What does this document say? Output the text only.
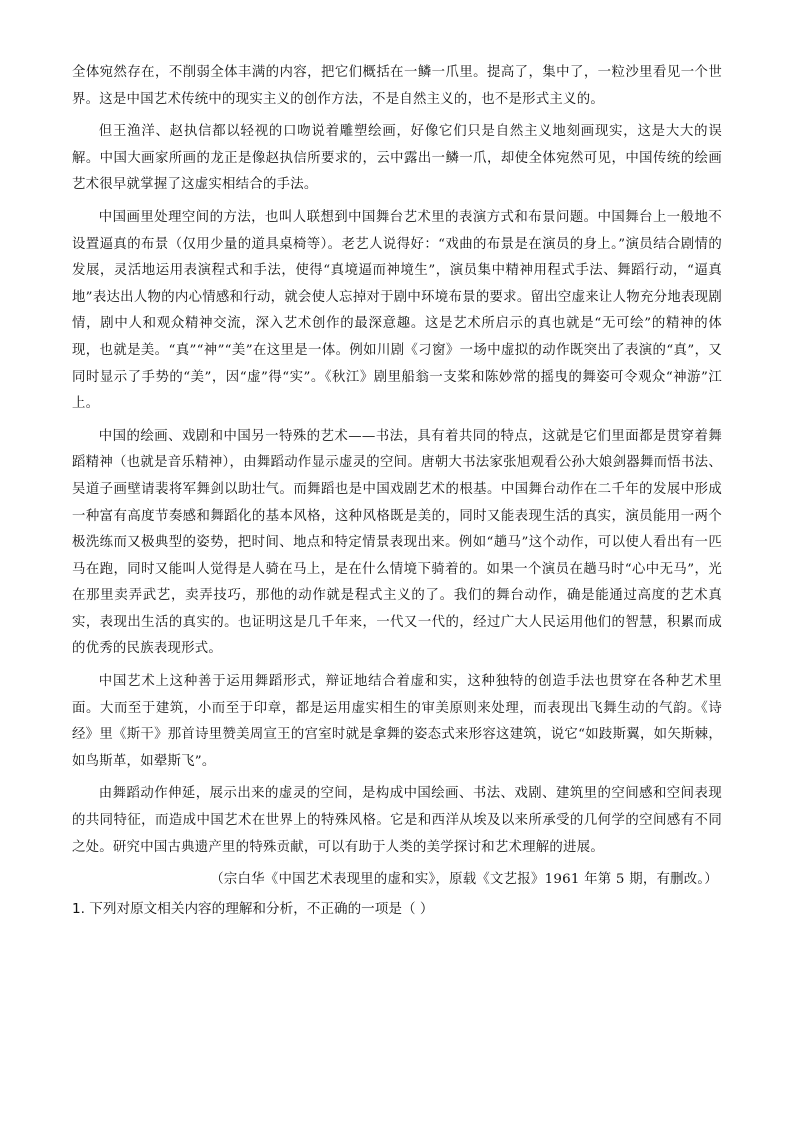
全体宛然存在，不削弱全体丰满的内容，把它们概括在一鳞一爪里。提高了，集中了，一粒沙里看见一个世界。这是中国艺术传统中的现实主义的创作方法，不是自然主义的，也不是形式主义的。

但王渔洋、赵执信都以轻视的口吻说着雕塑绘画，好像它们只是自然主义地刻画现实，这是大大的误解。中国大画家所画的龙正是像赵执信所要求的，云中露出一鳞一爪，却使全体宛然可见，中国传统的绘画艺术很早就掌握了这虚实相结合的手法。

中国画里处理空间的方法，也叫人联想到中国舞台艺术里的表演方式和布景问题。中国舞台上一般地不设置逼真的布景（仅用少量的道具桌椅等）。老艺人说得好：“戏曲的布景是在演员的身上。”演员结合剧情的发展，灵活地运用表演程式和手法，使得“真境逼而神境生”，演员集中精神用程式手法、舞蹈行动，“逼真地”表达出人物的内心情感和行动，就会使人忘掉对于剧中环境布景的要求。留出空虚来让人物充分地表现剧情，剧中人和观众精神交流，深入艺术创作的最深意趣。这是艺术所启示的真也就是“无可绘”的精神的体现，也就是美。“真”“神”“美”在这里是一体。例如川剧《刁窗》一场中虚拟的动作既突出了表演的“真”，又同时显示了手势的“美”，因“虚”得“实”。《秋江》剧里船翁一支桨和陈妙常的摇曳的舞姿可令观众“神游”江上。

中国的绘画、戏剧和中国另一特殊的艺术——书法，具有着共同的特点，这就是它们里面都是贯穿着舞蹈精神（也就是音乐精神），由舞蹈动作显示虚灵的空间。唐朝大书法家张旭观看公孙大娘剑器舞而悟书法、吴道子画壁请裴将军舞剑以助壮气。而舞蹈也是中国戏剧艺术的根基。中国舞台动作在二千年的发展中形成一种富有高度节奏感和舞蹈化的基本风格，这种风格既是美的，同时又能表现生活的真实，演员能用一两个极洗练而又极典型的姿势，把时间、地点和特定情景表现出来。例如“趟马”这个动作，可以使人看出有一匹马在跑，同时又能叫人觉得是人骑在马上，是在什么情境下骑着的。如果一个演员在趟马时“心中无马”，光在那里卖弄武艺，卖弄技巧，那他的动作就是程式主义的了。我们的舞台动作，确是能通过高度的艺术真实，表现出生活的真实的。也证明这是几千年来，一代又一代的，经过广大人民运用他们的智慧，积累而成的优秀的民族表现形式。

中国艺术上这种善于运用舞蹈形式，辩证地结合着虚和实，这种独特的创造手法也贯穿在各种艺术里面。大而至于建筑，小而至于印章，都是运用虚实相生的审美原则来处理，而表现出飞舞生动的气韵。《诗经》里《斯干》那首诗里赞美周宣王的宫室时就是拿舞的姿态式来形容这建筑，说它“如跂斯翼，如矢斯棘，如鸟斯革，如翚斯飞”。

由舞蹈动作伸延，展示出来的虚灵的空间，是构成中国绘画、书法、戏剧、建筑里的空间感和空间表现的共同特征，而造成中国艺术在世界上的特殊风格。它是和西洋从埃及以来所承受的几何学的空间感有不同之处。研究中国古典遗产里的特殊贡献，可以有助于人类的美学探讨和艺术理解的进展。

（宗白华《中国艺术表现里的虚和实》，原载《文艺报》1961 年第 5 期，有删改。）

1. 下列对原文相关内容的理解和分析，不正确的一项是（ ）
